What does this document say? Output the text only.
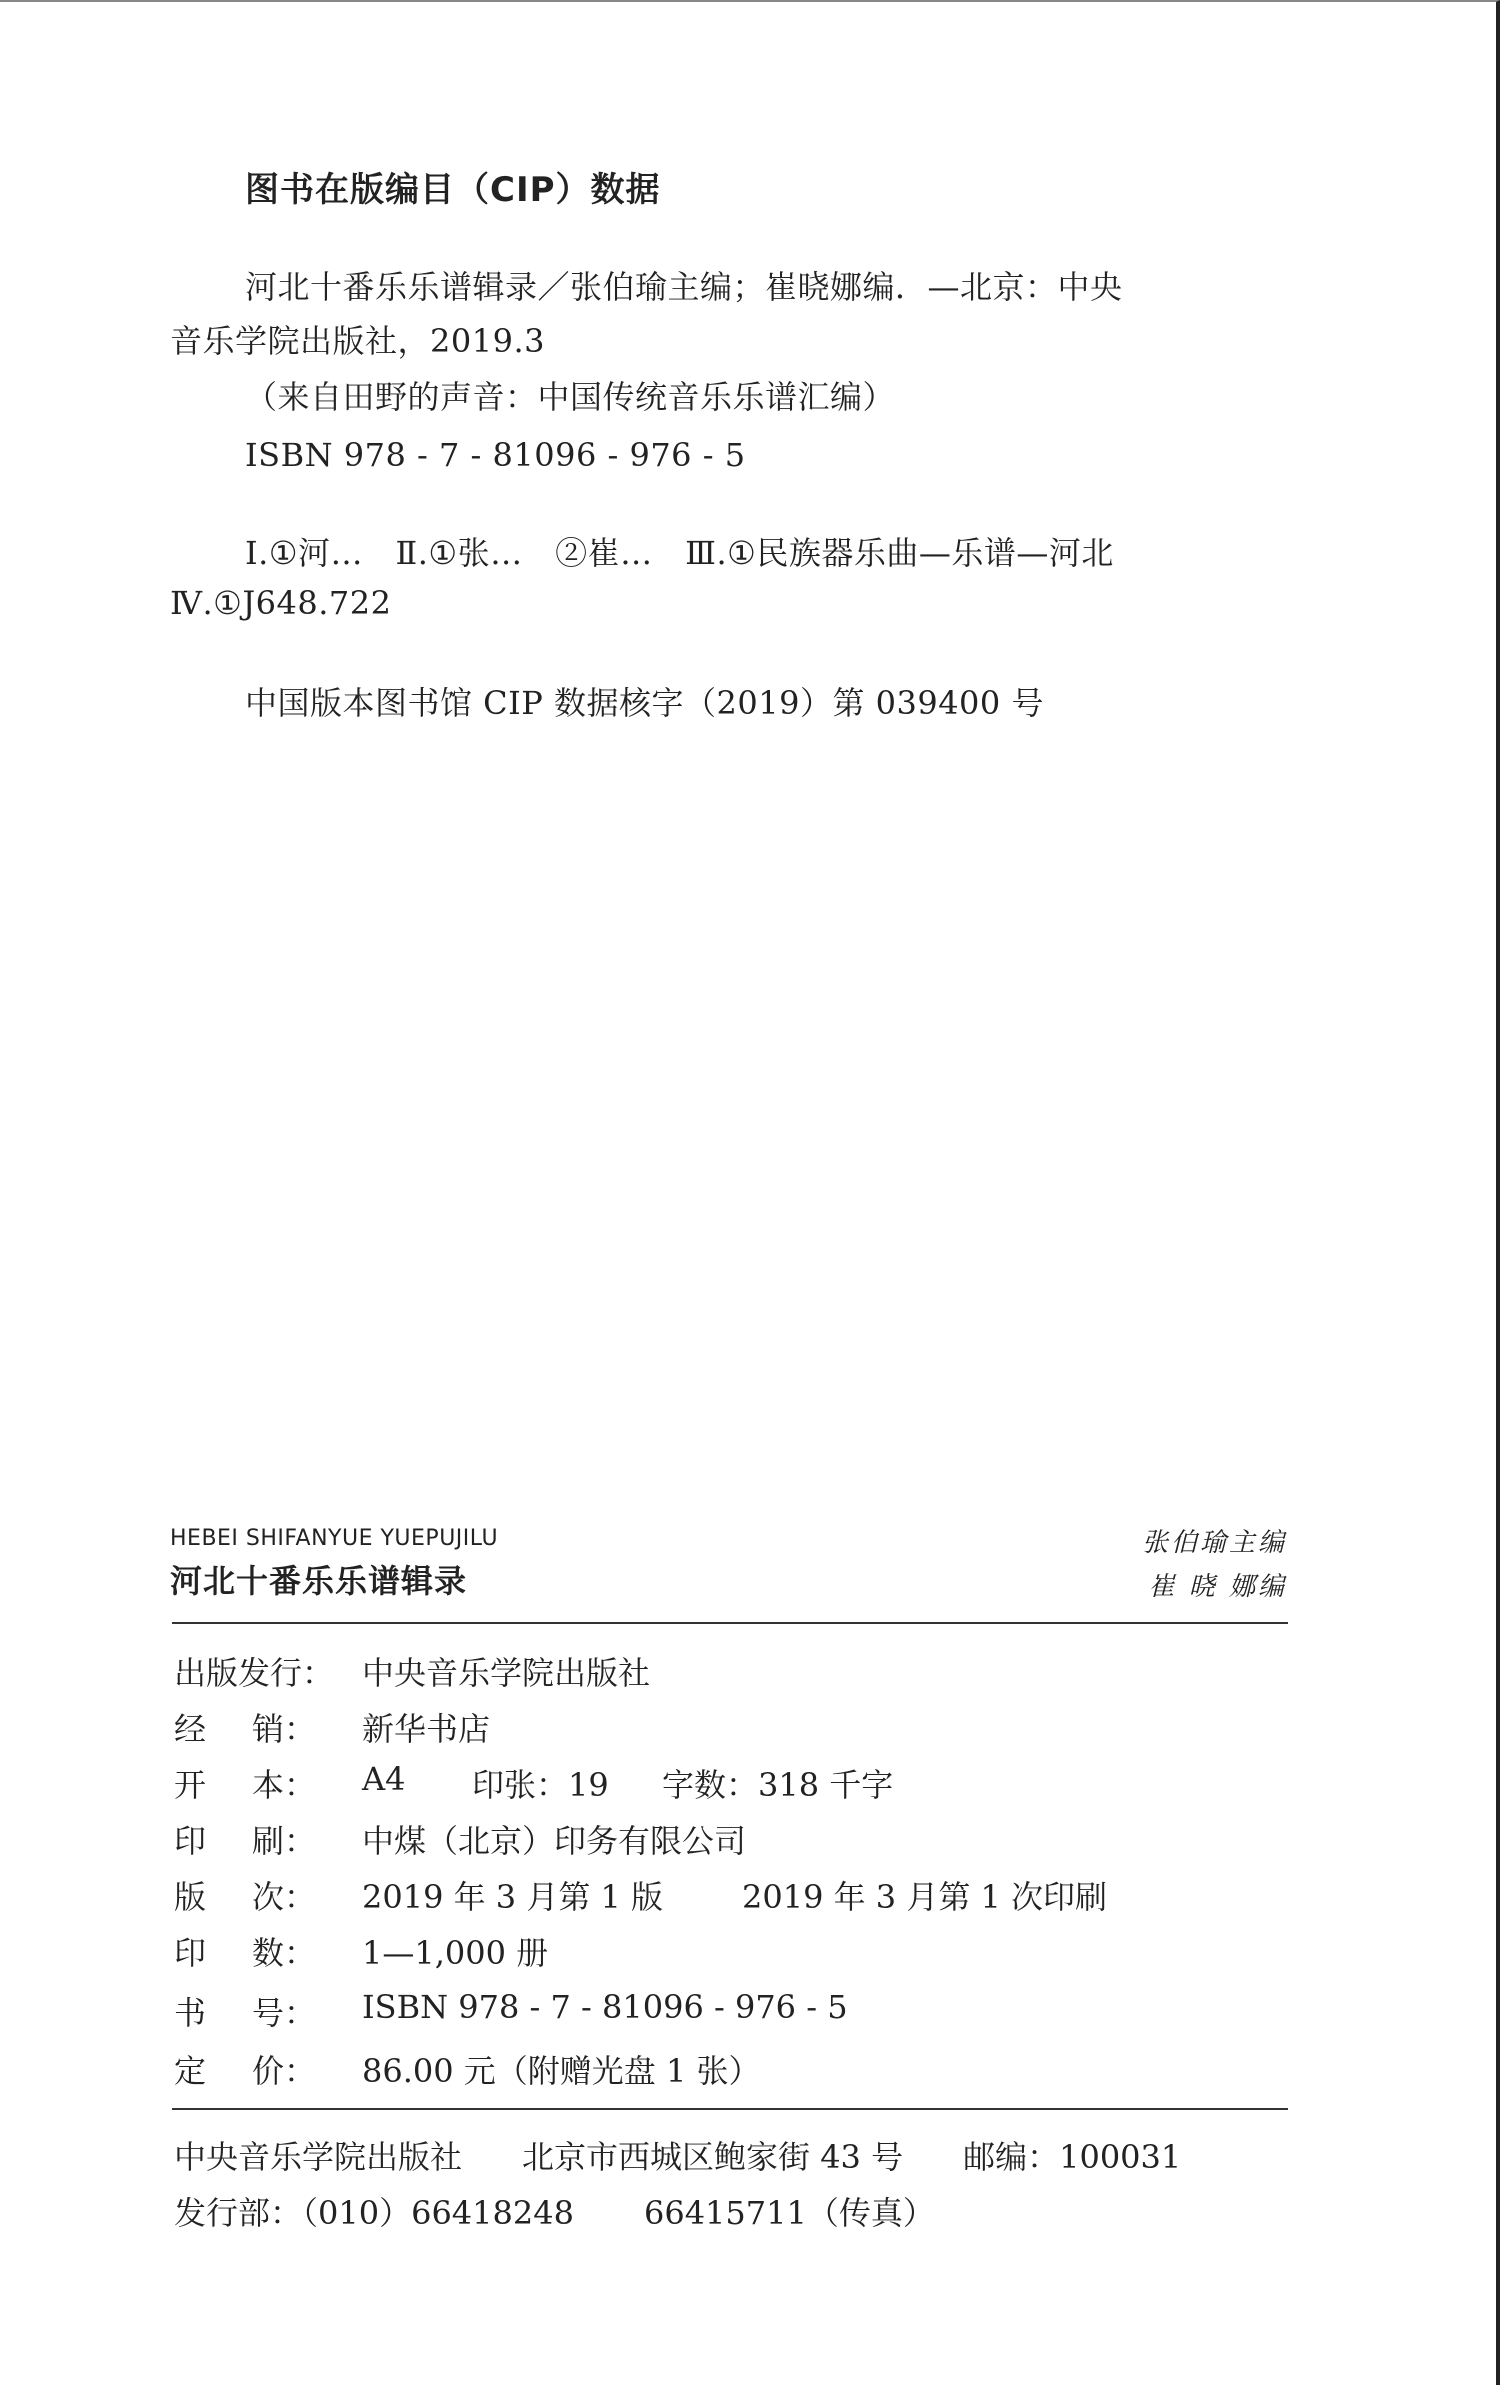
图书在版编目（CIP）数据
河北十番乐乐谱辑录／张伯瑜主编；崔晓娜编．—北京：中央
音乐学院出版社，2019.3
（来自田野的声音：中国传统音乐乐谱汇编）
ISBN 978 - 7 - 81096 - 976 - 5
Ⅰ.①河…　Ⅱ.①张…　②崔…　Ⅲ.①民族器乐曲—乐谱—河北
Ⅳ.①J648.722
中国版本图书馆 CIP 数据核字（2019）第 039400 号
HEBEI SHIFANYUE YUEPUJILU
河北十番乐乐谱辑录
张伯瑜主编
崔 晓 娜编
出版发行： 中央音乐学院出版社
经 销： 新华书店
开 本： A4	印张：19	字数：318 千字
印 刷： 中煤（北京）印务有限公司
版 次： 2019 年 3 月第 1 版	2019 年 3 月第 1 次印刷
印 数： 1—1,000 册
书 号： ISBN 978 - 7 - 81096 - 976 - 5
定 价： 86.00 元（附赠光盘 1 张）
中央音乐学院出版社 北京市西城区鲍家街 43 号 邮编：100031
发行部：（010）66418248 66415711（传真）
